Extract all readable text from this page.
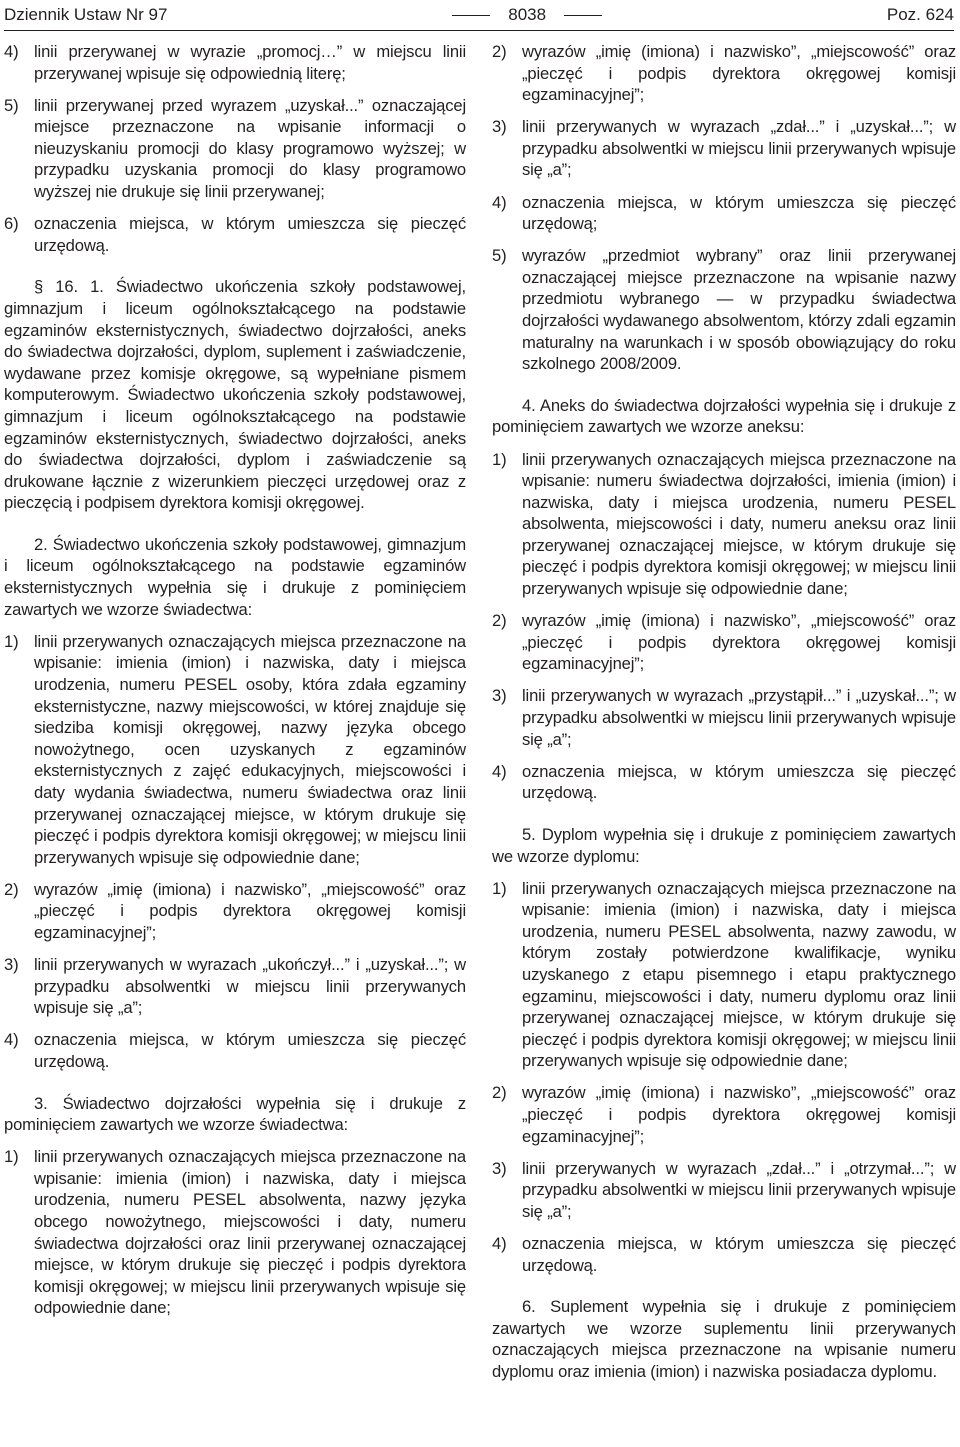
Dziennik Ustaw Nr 97	8038	Poz. 624
4) linii przerywanej w wyrazie „promocj…” w miejscu linii przerywanej wpisuje się odpowiednią literę;
5) linii przerywanej przed wyrazem „uzyskał...” oznaczającej miejsce przeznaczone na wpisanie informacji o nieuzyskaniu promocji do klasy programowo wyższej; w przypadku uzyskania promocji do klasy programowo wyższej nie drukuje się linii przerywanej;
6) oznaczenia miejsca, w którym umieszcza się pieczęć urzędową.

§ 16. 1. Świadectwo ukończenia szkoły podstawowej, gimnazjum i liceum ogólnokształcącego na podstawie egzaminów eksternistycznych, świadectwo dojrzałości, aneks do świadectwa dojrzałości, dyplom, suplement i zaświadczenie, wydawane przez komisje okręgowe, są wypełniane pismem komputerowym. Świadectwo ukończenia szkoły podstawowej, gimnazjum i liceum ogólnokształcącego na podstawie egzaminów eksternistycznych, świadectwo dojrzałości, aneks do świadectwa dojrzałości, dyplom i zaświadczenie są drukowane łącznie z wizerunkiem pieczęci urzędowej oraz z pieczęcią i podpisem dyrektora komisji okręgowej.

2. Świadectwo ukończenia szkoły podstawowej, gimnazjum i liceum ogólnokształcącego na podstawie egzaminów eksternistycznych wypełnia się i drukuje z pominięciem zawartych we wzorze świadectwa:

1) linii przerywanych oznaczających miejsca przeznaczone na wpisanie: imienia (imion) i nazwiska, daty i miejsca urodzenia, numeru PESEL osoby, która zdała egzaminy eksternistyczne, nazwy miejscowości, w której znajduje się siedziba komisji okręgowej, nazwy języka obcego nowożytnego, ocen uzyskanych z egzaminów eksternistycznych z zajęć edukacyjnych, miejscowości i daty wydania świadectwa, numeru świadectwa oraz linii przerywanej oznaczającej miejsce, w którym drukuje się pieczęć i podpis dyrektora komisji okręgowej; w miejscu linii przerywanych wpisuje się odpowiednie dane;
2) wyrazów „imię (imiona) i nazwisko”, „miejscowość” oraz „pieczęć i podpis dyrektora okręgowej komisji egzaminacyjnej”;
3) linii przerywanych w wyrazach „ukończył...” i „uzyskał...”; w przypadku absolwentki w miejscu linii przerywanych wpisuje się „a”;
4) oznaczenia miejsca, w którym umieszcza się pieczęć urzędową.

3. Świadectwo dojrzałości wypełnia się i drukuje z pominięciem zawartych we wzorze świadectwa:

1) linii przerywanych oznaczających miejsca przeznaczone na wpisanie: imienia (imion) i nazwiska, daty i miejsca urodzenia, numeru PESEL absolwenta, nazwy języka obcego nowożytnego, miejscowości i daty, numeru świadectwa dojrzałości oraz linii przerywanej oznaczającej miejsce, w którym drukuje się pieczęć i podpis dyrektora komisji okręgowej; w miejscu linii przerywanych wpisuje się odpowiednie dane;
2) wyrazów „imię (imiona) i nazwisko”, „miejscowość” oraz „pieczęć i podpis dyrektora okręgowej komisji egzaminacyjnej”;
3) linii przerywanych w wyrazach „zdał...” i „uzyskał...”; w przypadku absolwentki w miejscu linii przerywanych wpisuje się „a”;
4) oznaczenia miejsca, w którym umieszcza się pieczęć urzędową;
5) wyrazów „przedmiot wybrany” oraz linii przerywanej oznaczającej miejsce przeznaczone na wpisanie nazwy przedmiotu wybranego — w przypadku świadectwa dojrzałości wydawanego absolwentom, którzy zdali egzamin maturalny na warunkach i w sposób obowiązujący do roku szkolnego 2008/2009.

4. Aneks do świadectwa dojrzałości wypełnia się i drukuje z pominięciem zawartych we wzorze aneksu:

1) linii przerywanych oznaczających miejsca przeznaczone na wpisanie: numeru świadectwa dojrzałości, imienia (imion) i nazwiska, daty i miejsca urodzenia, numeru PESEL absolwenta, miejscowości i daty, numeru aneksu oraz linii przerywanej oznaczającej miejsce, w którym drukuje się pieczęć i podpis dyrektora komisji okręgowej; w miejscu linii przerywanych wpisuje się odpowiednie dane;
2) wyrazów „imię (imiona) i nazwisko”, „miejscowość” oraz „pieczęć i podpis dyrektora okręgowej komisji egzaminacyjnej”;
3) linii przerywanych w wyrazach „przystąpił...” i „uzyskał...”; w przypadku absolwentki w miejscu linii przerywanych wpisuje się „a”;
4) oznaczenia miejsca, w którym umieszcza się pieczęć urzędową.

5. Dyplom wypełnia się i drukuje z pominięciem zawartych we wzorze dyplomu:

1) linii przerywanych oznaczających miejsca przeznaczone na wpisanie: imienia (imion) i nazwiska, daty i miejsca urodzenia, numeru PESEL absolwenta, nazwy zawodu, w którym zostały potwierdzone kwalifikacje, wyniku uzyskanego z etapu pisemnego i etapu praktycznego egzaminu, miejscowości i daty, numeru dyplomu oraz linii przerywanej oznaczającej miejsce, w którym drukuje się pieczęć i podpis dyrektora komisji okręgowej; w miejscu linii przerywanych wpisuje się odpowiednie dane;
2) wyrazów „imię (imiona) i nazwisko”, „miejscowość” oraz „pieczęć i podpis dyrektora okręgowej komisji egzaminacyjnej”;
3) linii przerywanych w wyrazach „zdał...” i „otrzymał...”; w przypadku absolwentki w miejscu linii przerywanych wpisuje się „a”;
4) oznaczenia miejsca, w którym umieszcza się pieczęć urzędową.

6. Suplement wypełnia się i drukuje z pominięciem zawartych we wzorze suplementu linii przerywanych oznaczających miejsca przeznaczone na wpisanie numeru dyplomu oraz imienia (imion) i nazwiska posiadacza dyplomu.
